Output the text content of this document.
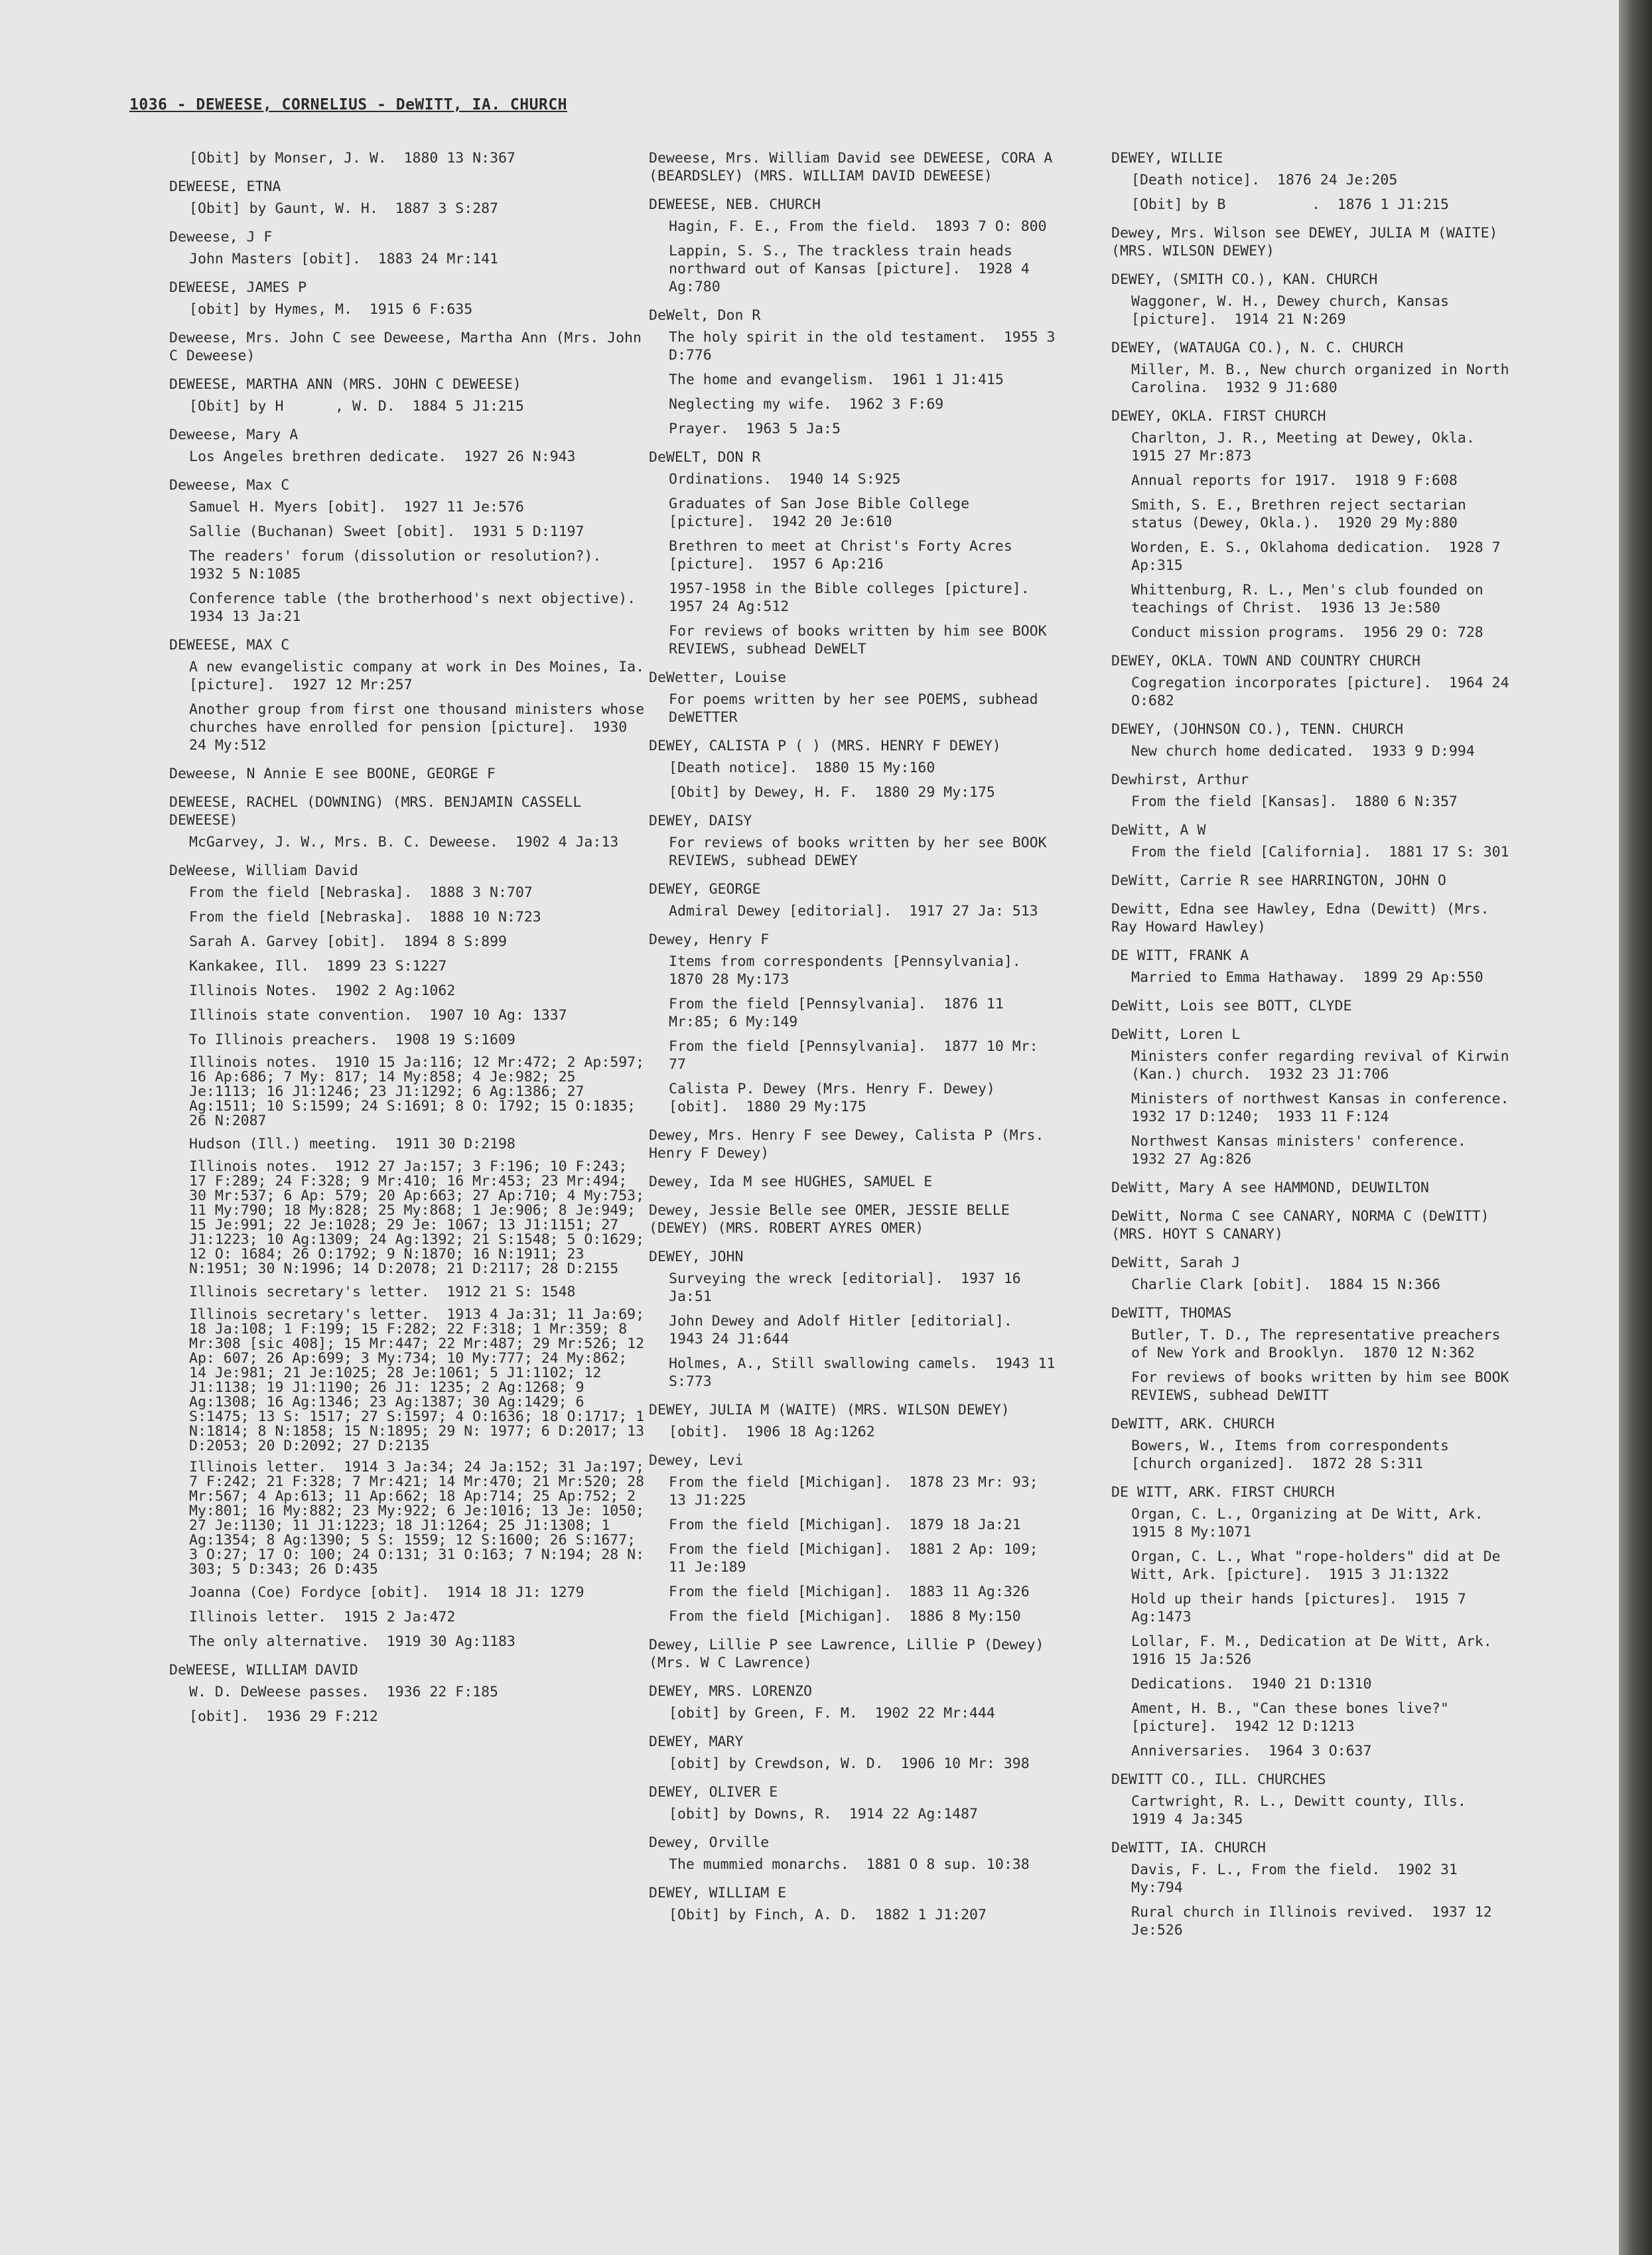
1036 - DEWEESE, CORNELIUS - DeWITT, IA. CHURCH
[Obit] by Monser, J. W.  1880 13 N:367
DEWEESE, ETNA
[Obit] by Gaunt, W. H.  1887 3 S:287
Deweese, J F
John Masters [obit].  1883 24 Mr:141
DEWEESE, JAMES P
[obit] by Hymes, M.  1915 6 F:635
Deweese, Mrs. John C see Deweese, Martha Ann (Mrs. John C Deweese)
DEWEESE, MARTHA ANN (MRS. JOHN C DEWEESE)
[Obit] by H      , W. D.  1884 5 J1:215
Deweese, Mary A
Los Angeles brethren dedicate.  1927 26 N:943
Deweese, Max C
Samuel H. Myers [obit].  1927 11 Je:576
Sallie (Buchanan) Sweet [obit].  1931 5 D:1197
The readers' forum (dissolution or resolution?).  1932 5 N:1085
Conference table (the brotherhood's next objective).  1934 13 Ja:21
DEWEESE, MAX C
A new evangelistic company at work in Des Moines, Ia. [picture].  1927 12 Mr:257
Another group from first one thousand ministers whose churches have enrolled for pension [picture].  1930 24 My:512
Deweese, N Annie E see BOONE, GEORGE F
DEWEESE, RACHEL (DOWNING) (MRS. BENJAMIN CASSELL DEWEESE)
McGarvey, J. W., Mrs. B. C. Deweese.  1902 4 Ja:13
DeWeese, William David
From the field [Nebraska].  1888 3 N:707
From the field [Nebraska].  1888 10 N:723
Sarah A. Garvey [obit].  1894 8 S:899
Kankakee, Ill.  1899 23 S:1227
Illinois Notes.  1902 2 Ag:1062
Illinois state convention.  1907 10 Ag: 1337
To Illinois preachers.  1908 19 S:1609
Illinois notes.  1910 15 Ja:116; 12 Mr:472; 2 Ap:597; 16 Ap:686; 7 My: 817; 14 My:858; 4 Je:982; 25 Je:1113; 16 J1:1246; 23 J1:1292; 6 Ag:1386; 27 Ag:1511; 10 S:1599; 24 S:1691; 8 O: 1792; 15 O:1835; 26 N:2087
Hudson (Ill.) meeting.  1911 30 D:2198
Illinois notes.  1912 27 Ja:157; 3 F:196; 10 F:243; 17 F:289; 24 F:328; 9 Mr:410; 16 Mr:453; 23 Mr:494; 30 Mr:537; 6 Ap: 579; 20 Ap:663; 27 Ap:710; 4 My:753; 11 My:790; 18 My:828; 25 My:868; 1 Je:906; 8 Je:949; 15 Je:991; 22 Je:1028; 29 Je: 1067; 13 J1:1151; 27 J1:1223; 10 Ag:1309; 24 Ag:1392; 21 S:1548; 5 O:1629; 12 O: 1684; 26 O:1792; 9 N:1870; 16 N:1911; 23 N:1951; 30 N:1996; 14 D:2078; 21 D:2117; 28 D:2155
Illinois secretary's letter.  1912 21 S: 1548
Illinois secretary's letter.  1913 4 Ja:31; 11 Ja:69; 18 Ja:108; 1 F:199; 15 F:282; 22 F:318; 1 Mr:359; 8 Mr:308 [sic 408]; 15 Mr:447; 22 Mr:487; 29 Mr:526; 12 Ap: 607; 26 Ap:699; 3 My:734; 10 My:777; 24 My:862; 14 Je:981; 21 Je:1025; 28 Je:1061; 5 J1:1102; 12 J1:1138; 19 J1:1190; 26 J1: 1235; 2 Ag:1268; 9 Ag:1308; 16 Ag:1346; 23 Ag:1387; 30 Ag:1429; 6 S:1475; 13 S: 1517; 27 S:1597; 4 O:1636; 18 O:1717; 1 N:1814; 8 N:1858; 15 N:1895; 29 N: 1977; 6 D:2017; 13 D:2053; 20 D:2092; 27 D:2135
Illinois letter.  1914 3 Ja:34; 24 Ja:152; 31 Ja:197; 7 F:242; 21 F:328; 7 Mr:421; 14 Mr:470; 21 Mr:520; 28 Mr:567; 4 Ap:613; 11 Ap:662; 18 Ap:714; 25 Ap:752; 2 My:801; 16 My:882; 23 My:922; 6 Je:1016; 13 Je: 1050; 27 Je:1130; 11 J1:1223; 18 J1:1264; 25 J1:1308; 1 Ag:1354; 8 Ag:1390; 5 S: 1559; 12 S:1600; 26 S:1677; 3 O:27; 17 O: 100; 24 O:131; 31 O:163; 7 N:194; 28 N: 303; 5 D:343; 26 D:435
Joanna (Coe) Fordyce [obit].  1914 18 J1: 1279
Illinois letter.  1915 2 Ja:472
The only alternative.  1919 30 Ag:1183
DeWEESE, WILLIAM DAVID
W. D. DeWeese passes.  1936 22 F:185
[obit].  1936 29 F:212
Deweese, Mrs. William David see DEWEESE, CORA A (BEARDSLEY) (MRS. WILLIAM DAVID DEWEESE)
DEWEESE, NEB. CHURCH
Hagin, F. E., From the field.  1893 7 O: 800
Lappin, S. S., The trackless train heads northward out of Kansas [picture].  1928 4 Ag:780
DeWelt, Don R
The holy spirit in the old testament.  1955 3 D:776
The home and evangelism.  1961 1 J1:415
Neglecting my wife.  1962 3 F:69
Prayer.  1963 5 Ja:5
DeWELT, DON R
Ordinations.  1940 14 S:925
Graduates of San Jose Bible College [picture].  1942 20 Je:610
Brethren to meet at Christ's Forty Acres [picture].  1957 6 Ap:216
1957-1958 in the Bible colleges [picture].  1957 24 Ag:512
For reviews of books written by him see BOOK REVIEWS, subhead DeWELT
DeWetter, Louise
For poems written by her see POEMS, subhead DeWETTER
DEWEY, CALISTA P ( ) (MRS. HENRY F DEWEY)
[Death notice].  1880 15 My:160
[Obit] by Dewey, H. F.  1880 29 My:175
DEWEY, DAISY
For reviews of books written by her see BOOK REVIEWS, subhead DEWEY
DEWEY, GEORGE
Admiral Dewey [editorial].  1917 27 Ja: 513
Dewey, Henry F
Items from correspondents [Pennsylvania].  1870 28 My:173
From the field [Pennsylvania].  1876 11 Mr:85; 6 My:149
From the field [Pennsylvania].  1877 10 Mr: 77
Calista P. Dewey (Mrs. Henry F. Dewey) [obit].  1880 29 My:175
Dewey, Mrs. Henry F see Dewey, Calista P (Mrs. Henry F Dewey)
Dewey, Ida M see HUGHES, SAMUEL E
Dewey, Jessie Belle see OMER, JESSIE BELLE (DEWEY) (MRS. ROBERT AYRES OMER)
DEWEY, JOHN
Surveying the wreck [editorial].  1937 16 Ja:51
John Dewey and Adolf Hitler [editorial].  1943 24 J1:644
Holmes, A., Still swallowing camels.  1943 11 S:773
DEWEY, JULIA M (WAITE) (MRS. WILSON DEWEY)
[obit].  1906 18 Ag:1262
Dewey, Levi
From the field [Michigan].  1878 23 Mr: 93; 13 J1:225
From the field [Michigan].  1879 18 Ja:21
From the field [Michigan].  1881 2 Ap: 109; 11 Je:189
From the field [Michigan].  1883 11 Ag:326
From the field [Michigan].  1886 8 My:150
Dewey, Lillie P see Lawrence, Lillie P (Dewey) (Mrs. W C Lawrence)
DEWEY, MRS. LORENZO
[obit] by Green, F. M.  1902 22 Mr:444
DEWEY, MARY
[obit] by Crewdson, W. D.  1906 10 Mr: 398
DEWEY, OLIVER E
[obit] by Downs, R.  1914 22 Ag:1487
Dewey, Orville
The mummied monarchs.  1881 O 8 sup. 10:38
DEWEY, WILLIAM E
[Obit] by Finch, A. D.  1882 1 J1:207
DEWEY, WILLIE
[Death notice].  1876 24 Je:205
[Obit] by B          .  1876 1 J1:215
Dewey, Mrs. Wilson see DEWEY, JULIA M (WAITE) (MRS. WILSON DEWEY)
DEWEY, (SMITH CO.), KAN. CHURCH
Waggoner, W. H., Dewey church, Kansas [picture].  1914 21 N:269
DEWEY, (WATAUGA CO.), N. C. CHURCH
Miller, M. B., New church organized in North Carolina.  1932 9 J1:680
DEWEY, OKLA. FIRST CHURCH
Charlton, J. R., Meeting at Dewey, Okla.  1915 27 Mr:873
Annual reports for 1917.  1918 9 F:608
Smith, S. E., Brethren reject sectarian status (Dewey, Okla.).  1920 29 My:880
Worden, E. S., Oklahoma dedication.  1928 7 Ap:315
Whittenburg, R. L., Men's club founded on teachings of Christ.  1936 13 Je:580
Conduct mission programs.  1956 29 O: 728
DEWEY, OKLA. TOWN AND COUNTRY CHURCH
Cogregation incorporates [picture].  1964 24 O:682
DEWEY, (JOHNSON CO.), TENN. CHURCH
New church home dedicated.  1933 9 D:994
Dewhirst, Arthur
From the field [Kansas].  1880 6 N:357
DeWitt, A W
From the field [California].  1881 17 S: 301
DeWitt, Carrie R see HARRINGTON, JOHN O
Dewitt, Edna see Hawley, Edna (Dewitt) (Mrs. Ray Howard Hawley)
DE WITT, FRANK A
Married to Emma Hathaway.  1899 29 Ap:550
DeWitt, Lois see BOTT, CLYDE
DeWitt, Loren L
Ministers confer regarding revival of Kirwin (Kan.) church.  1932 23 J1:706
Ministers of northwest Kansas in conference.  1932 17 D:1240;  1933 11 F:124
Northwest Kansas ministers' conference.  1932 27 Ag:826
DeWitt, Mary A see HAMMOND, DEUWILTON
DeWitt, Norma C see CANARY, NORMA C (DeWITT) (MRS. HOYT S CANARY)
DeWitt, Sarah J
Charlie Clark [obit].  1884 15 N:366
DeWITT, THOMAS
Butler, T. D., The representative preachers of New York and Brooklyn.  1870 12 N:362
For reviews of books written by him see BOOK REVIEWS, subhead DeWITT
DeWITT, ARK. CHURCH
Bowers, W., Items from correspondents [church organized].  1872 28 S:311
DE WITT, ARK. FIRST CHURCH
Organ, C. L., Organizing at De Witt, Ark.  1915 8 My:1071
Organ, C. L., What "rope-holders" did at De Witt, Ark. [picture].  1915 3 J1:1322
Hold up their hands [pictures].  1915 7 Ag:1473
Lollar, F. M., Dedication at De Witt, Ark.  1916 15 Ja:526
Dedications.  1940 21 D:1310
Ament, H. B., "Can these bones live?" [picture].  1942 12 D:1213
Anniversaries.  1964 3 O:637
DEWITT CO., ILL. CHURCHES
Cartwright, R. L., Dewitt county, Ills.  1919 4 Ja:345
DeWITT, IA. CHURCH
Davis, F. L., From the field.  1902 31 My:794
Rural church in Illinois revived.  1937 12 Je:526
